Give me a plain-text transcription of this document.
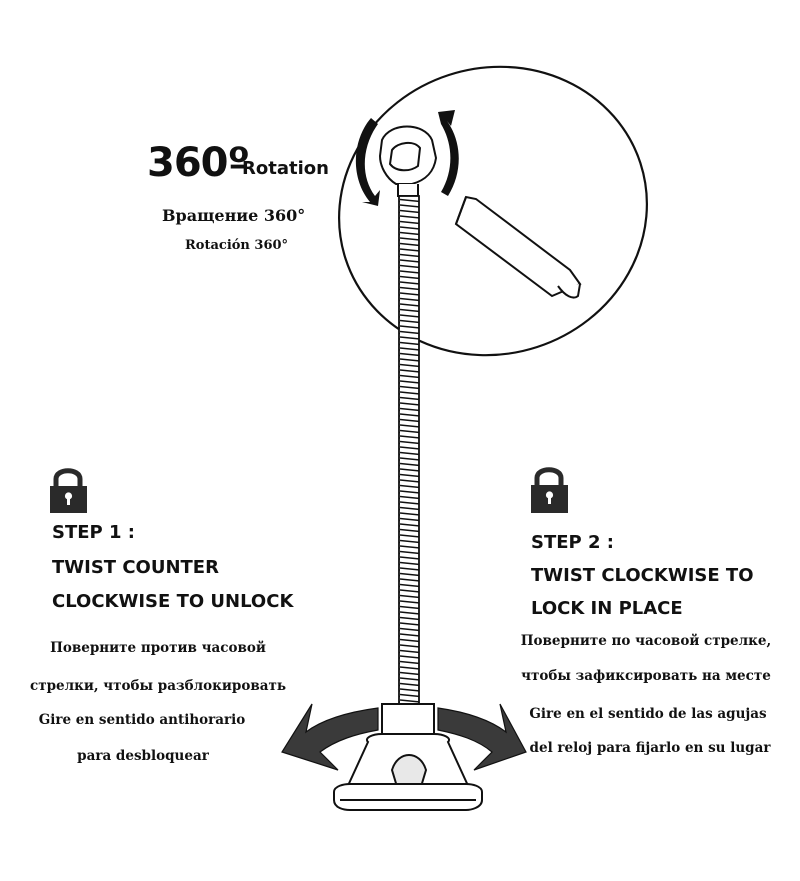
360º
Rotation
Вращение 360°
Rotación 360°
STEP 1 :
TWIST COUNTER
CLOCKWISE TO UNLOCK
Поверните против часовой
стрелки, чтобы разблокировать
Gire en sentido antihorario
para desbloquear
STEP 2 :
TWIST CLOCKWISE TO
LOCK IN PLACE
Поверните по часовой стрелке,
чтобы зафиксировать на месте
Gire en el sentido de las agujas
del reloj para fijarlo en su lugar
